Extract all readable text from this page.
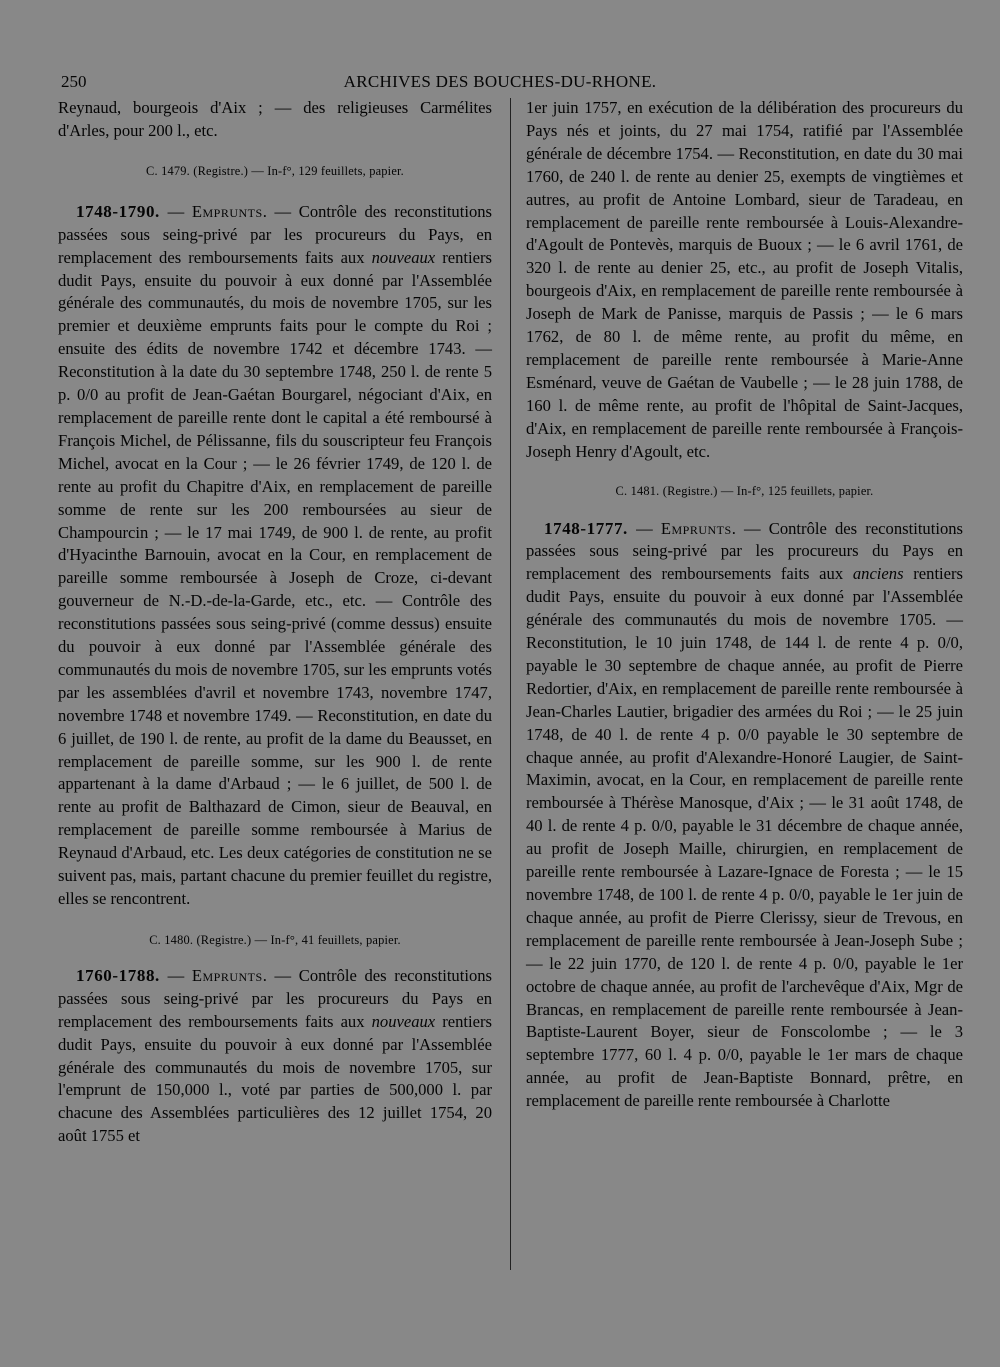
250	ARCHIVES DES BOUCHES-DU-RHONE.

Reynaud, bourgeois d'Aix ; — des religieuses Carmélites d'Arles, pour 200 l., etc.

C. 1479. (Registre.) — In-f°, 129 feuillets, papier.

1748-1790. — Emprunts. — Contrôle des reconstitutions passées sous seing-privé par les procureurs du Pays, en remplacement des remboursements faits aux nouveaux rentiers dudit Pays, ensuite du pouvoir à eux donné par l'Assemblée générale des communautés, du mois de novembre 1705, sur les premier et deuxième emprunts faits pour le compte du Roi ; ensuite des édits de novembre 1742 et décembre 1743. — Reconstitution à la date du 30 septembre 1748, 250 l. de rente 5 p. 0/0 au profit de Jean-Gaétan Bourgarel, négociant d'Aix, en remplacement de pareille rente dont le capital a été remboursé à François Michel, de Pélissanne, fils du souscripteur feu François Michel, avocat en la Cour ; — le 26 février 1749, de 120 l. de rente au profit du Chapitre d'Aix, en remplacement de pareille somme de rente sur les 200 remboursées au sieur de Champourcin ; — le 17 mai 1749, de 900 l. de rente, au profit d'Hyacinthe Barnouin, avocat en la Cour, en remplacement de pareille somme remboursée à Joseph de Croze, ci-devant gouverneur de N.-D.-de-la-Garde, etc., etc. — Contrôle des reconstitutions passées sous seing-privé (comme dessus) ensuite du pouvoir à eux donné par l'Assemblée générale des communautés du mois de novembre 1705, sur les emprunts votés par les assemblées d'avril et novembre 1743, novembre 1747, novembre 1748 et novembre 1749. — Reconstitution, en date du 6 juillet, de 190 l. de rente, au profit de la dame du Beausset, en remplacement de pareille somme, sur les 900 l. de rente appartenant à la dame d'Arbaud ; — le 6 juillet, de 500 l. de rente au profit de Balthazard de Cimon, sieur de Beauval, en remplacement de pareille somme remboursée à Marius de Reynaud d'Arbaud, etc. Les deux catégories de constitution ne se suivent pas, mais, partant chacune du premier feuillet du registre, elles se rencontrent.

C. 1480. (Registre.) — In-f°, 41 feuillets, papier.

1760-1788. — Emprunts. — Contrôle des reconstitutions passées sous seing-privé par les procureurs du Pays en remplacement des remboursements faits aux nouveaux rentiers dudit Pays, ensuite du pouvoir à eux donné par l'Assemblée générale des communautés du mois de novembre 1705, sur l'emprunt de 150,000 l., voté par parties de 500,000 l. par chacune des Assemblées particulières des 12 juillet 1754, 20 août 1755 et

1er juin 1757, en exécution de la délibération des procureurs du Pays nés et joints, du 27 mai 1754, ratifié par l'Assemblée générale de décembre 1754. — Reconstitution, en date du 30 mai 1760, de 240 l. de rente au denier 25, exempts de vingtièmes et autres, au profit de Antoine Lombard, sieur de Taradeau, en remplacement de pareille rente remboursée à Louis-Alexandre-d'Agoult de Pontevès, marquis de Buoux ; — le 6 avril 1761, de 320 l. de rente au denier 25, etc., au profit de Joseph Vitalis, bourgeois d'Aix, en remplacement de pareille rente remboursée à Joseph de Mark de Panisse, marquis de Passis ; — le 6 mars 1762, de 80 l. de même rente, au profit du même, en remplacement de pareille rente remboursée à Marie-Anne Esménard, veuve de Gaétan de Vaubelle ; — le 28 juin 1788, de 160 l. de même rente, au profit de l'hôpital de Saint-Jacques, d'Aix, en remplacement de pareille rente remboursée à François-Joseph Henry d'Agoult, etc.

C. 1481. (Registre.) — In-f°, 125 feuillets, papier.

1748-1777. — Emprunts. — Contrôle des reconstitutions passées sous seing-privé par les procureurs du Pays en remplacement des remboursements faits aux anciens rentiers dudit Pays, ensuite du pouvoir à eux donné par l'Assemblée générale des communautés du mois de novembre 1705. — Reconstitution, le 10 juin 1748, de 144 l. de rente 4 p. 0/0, payable le 30 septembre de chaque année, au profit de Pierre Redortier, d'Aix, en remplacement de pareille rente remboursée à Jean-Charles Lautier, brigadier des armées du Roi ; — le 25 juin 1748, de 40 l. de rente 4 p. 0/0 payable le 30 septembre de chaque année, au profit d'Alexandre-Honoré Laugier, de Saint-Maximin, avocat, en la Cour, en remplacement de pareille rente remboursée à Thérèse Manosque, d'Aix ; — le 31 août 1748, de 40 l. de rente 4 p. 0/0, payable le 31 décembre de chaque année, au profit de Joseph Maille, chirurgien, en remplacement de pareille rente remboursée à Lazare-Ignace de Foresta ; — le 15 novembre 1748, de 100 l. de rente 4 p. 0/0, payable le 1er juin de chaque année, au profit de Pierre Clerissy, sieur de Trevous, en remplacement de pareille rente remboursée à Jean-Joseph Sube ; — le 22 juin 1770, de 120 l. de rente 4 p. 0/0, payable le 1er octobre de chaque année, au profit de l'archevêque d'Aix, Mgr de Brancas, en remplacement de pareille rente remboursée à Jean-Baptiste-Laurent Boyer, sieur de Fonscolombe ; — le 3 septembre 1777, 60 l. 4 p. 0/0, payable le 1er mars de chaque année, au profit de Jean-Baptiste Bonnard, prêtre, en remplacement de pareille rente remboursée à Charlotte
